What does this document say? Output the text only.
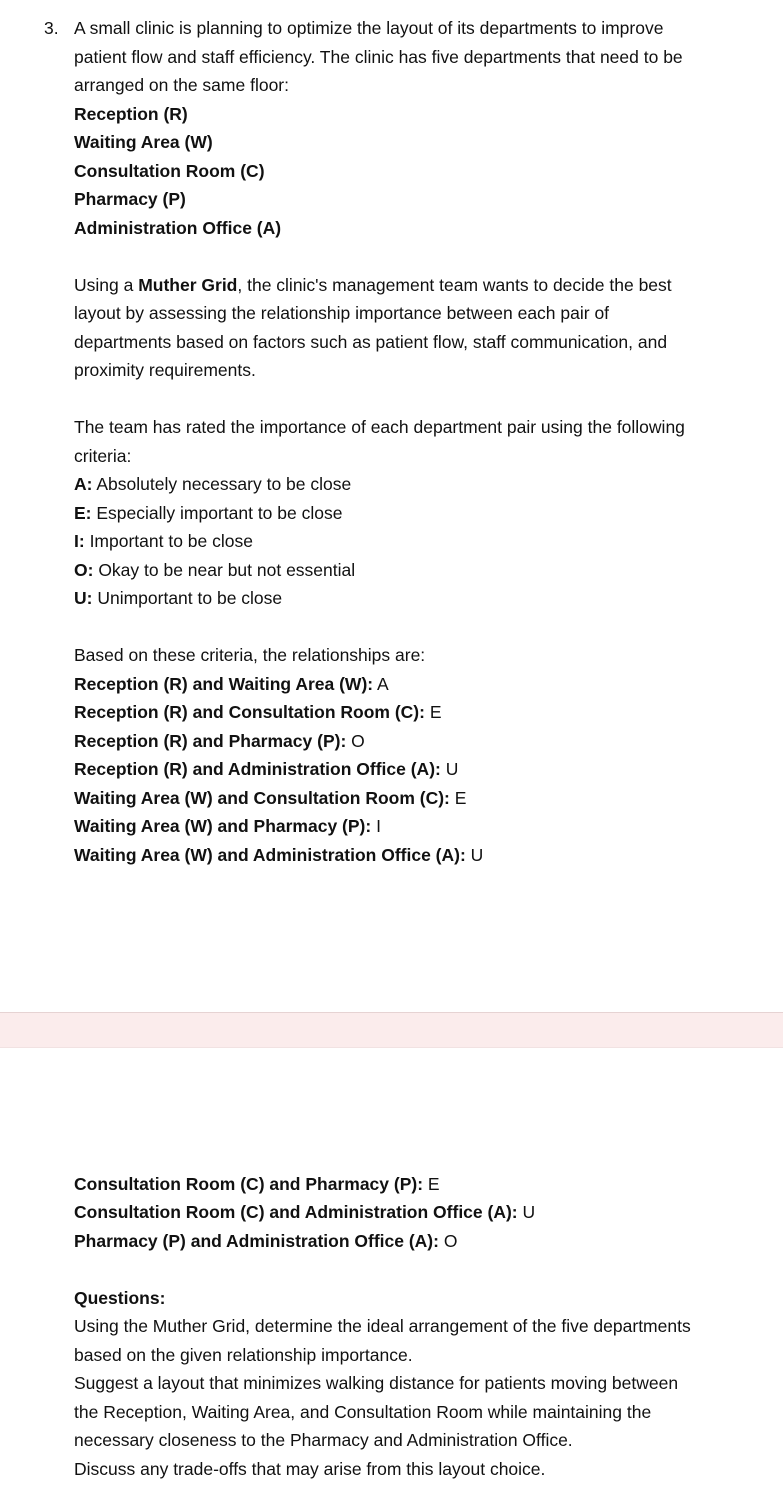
3. A small clinic is planning to optimize the layout of its departments to improve
patient flow and staff efficiency. The clinic has five departments that need to be
arranged on the same floor:
Reception (R)
Waiting Area (W)
Consultation Room (C)
Pharmacy (P)
Administration Office (A)
Using a Muther Grid, the clinic's management team wants to decide the best
layout by assessing the relationship importance between each pair of
departments based on factors such as patient flow, staff communication, and
proximity requirements.
The team has rated the importance of each department pair using the following
criteria:
A: Absolutely necessary to be close
E: Especially important to be close
I: Important to be close
O: Okay to be near but not essential
U: Unimportant to be close
Based on these criteria, the relationships are:
Reception (R) and Waiting Area (W): A
Reception (R) and Consultation Room (C): E
Reception (R) and Pharmacy (P): O
Reception (R) and Administration Office (A): U
Waiting Area (W) and Consultation Room (C): E
Waiting Area (W) and Pharmacy (P): I
Waiting Area (W) and Administration Office (A): U
Consultation Room (C) and Pharmacy (P): E
Consultation Room (C) and Administration Office (A): U
Pharmacy (P) and Administration Office (A): O
Questions:
Using the Muther Grid, determine the ideal arrangement of the five departments
based on the given relationship importance.
Suggest a layout that minimizes walking distance for patients moving between
the Reception, Waiting Area, and Consultation Room while maintaining the
necessary closeness to the Pharmacy and Administration Office.
Discuss any trade-offs that may arise from this layout choice.
